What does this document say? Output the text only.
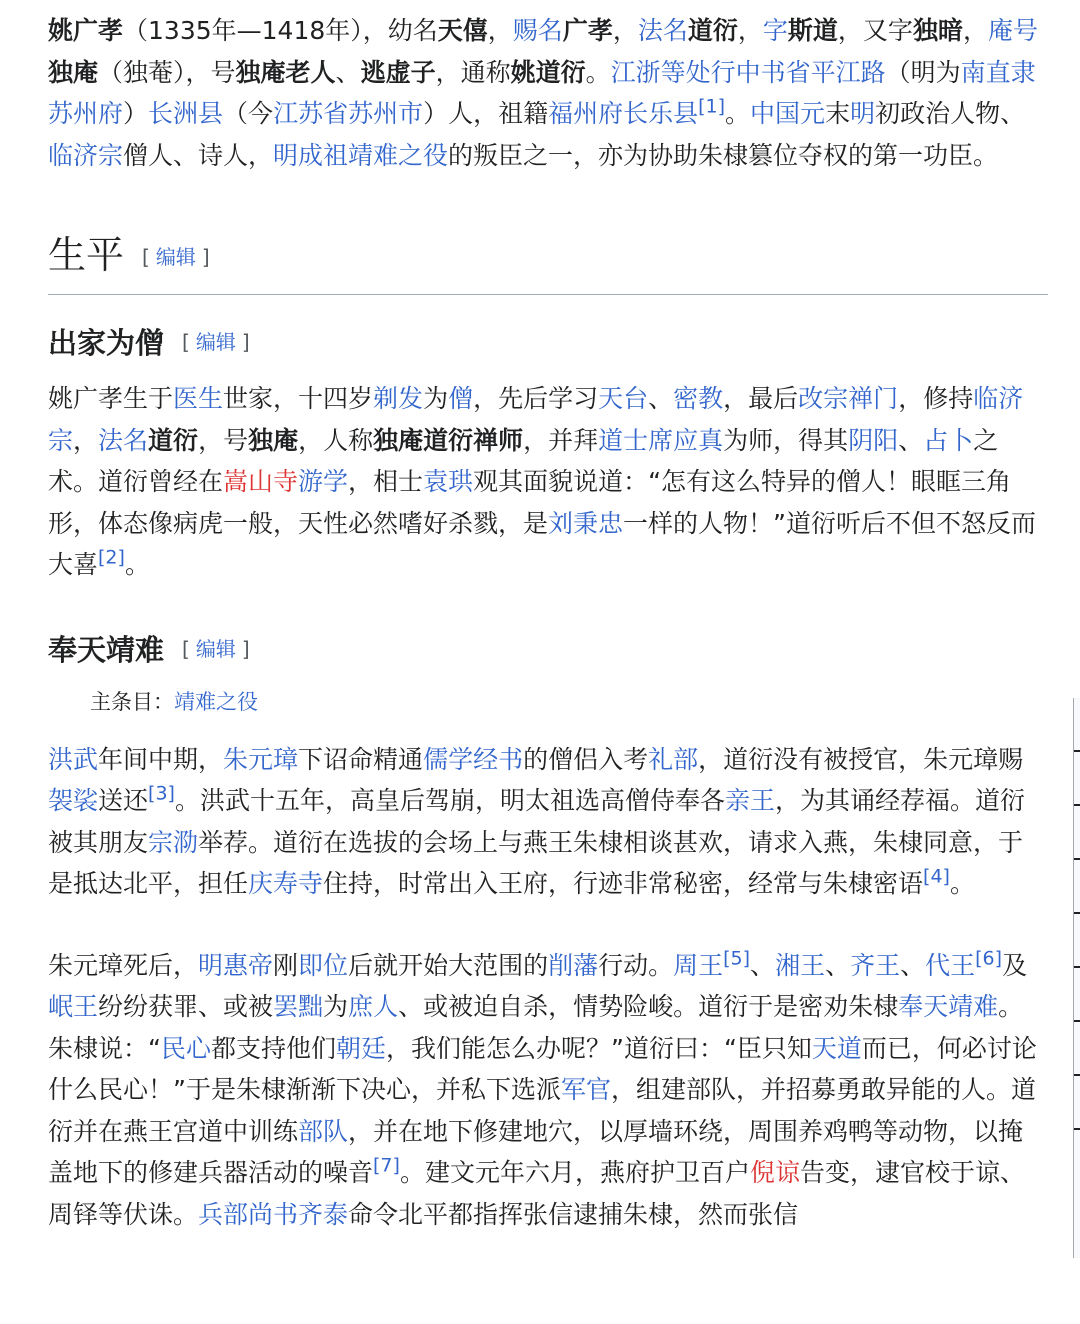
姚广孝（1335年—1418年），幼名天僖，赐名广孝，法名道衍，字斯道，又字独暗，庵号独庵（独菴），号独庵老人、逃虚子，通称姚道衍。江浙等处行中书省平江路（明为南直隶苏州府）长洲县（今江苏省苏州市）人，祖籍福州府长乐县[1]。中国元末明初政治人物、 临济宗僧人、诗人，明成祖靖难之役的叛臣之一，亦为协助朱棣篡位夺权的第一功臣。

生平 [ 编辑 ]
出家为僧 [ 编辑 ]

姚广孝生于医生世家，十四岁剃发为僧，先后学习天台、密教，最后改宗禅门，修持临济宗，法名道衍，号独庵，人称独庵道衍禅师，并拜道士席应真为师，得其阴阳、占卜之术。道衍曾经在嵩山寺游学，相士袁珙观其面貌说道：“怎有这么特异的僧人！眼眶三角形，体态像病虎一般，天性必然嗜好杀戮，是刘秉忠一样的人物！”道衍听后不但不怒反而大喜[2]。

奉天靖难 [ 编辑 ]
主条目：靖难之役

洪武年间中期，朱元璋下诏命精通儒学经书的僧侣入考礼部，道衍没有被授官，朱元璋赐袈裟送还[3]。洪武十五年，高皇后驾崩，明太祖选高僧侍奉各亲王，为其诵经荐福。道衍被其朋友宗泐举荐。道衍在选拔的会场上与燕王朱棣相谈甚欢，请求入燕，朱棣同意，于是抵达北平，担任庆寿寺住持，时常出入王府，行迹非常秘密，经常与朱棣密语[4]。

朱元璋死后，明惠帝刚即位后就开始大范围的削藩行动。周王[5]、湘王、齐王、代王[6]及岷王纷纷获罪、或被罢黜为庶人、或被迫自杀，情势险峻。道衍于是密劝朱棣奉天靖难。朱棣说：“民心都支持他们朝廷，我们能怎么办呢？”道衍曰：“臣只知天道而已，何必讨论什么民心！”于是朱棣渐渐下决心，并私下选派军官，组建部队，并招募勇敢异能的人。道衍并在燕王宫道中训练部队，并在地下修建地穴，以厚墙环绕，周围养鸡鸭等动物，以掩盖地下的修建兵器活动的噪音[7]。建文元年六月，燕府护卫百户倪谅告变，逮官校于谅、周铎等伏诛。兵部尚书齐泰命令北平都指挥张信逮捕朱棣，然而张信
